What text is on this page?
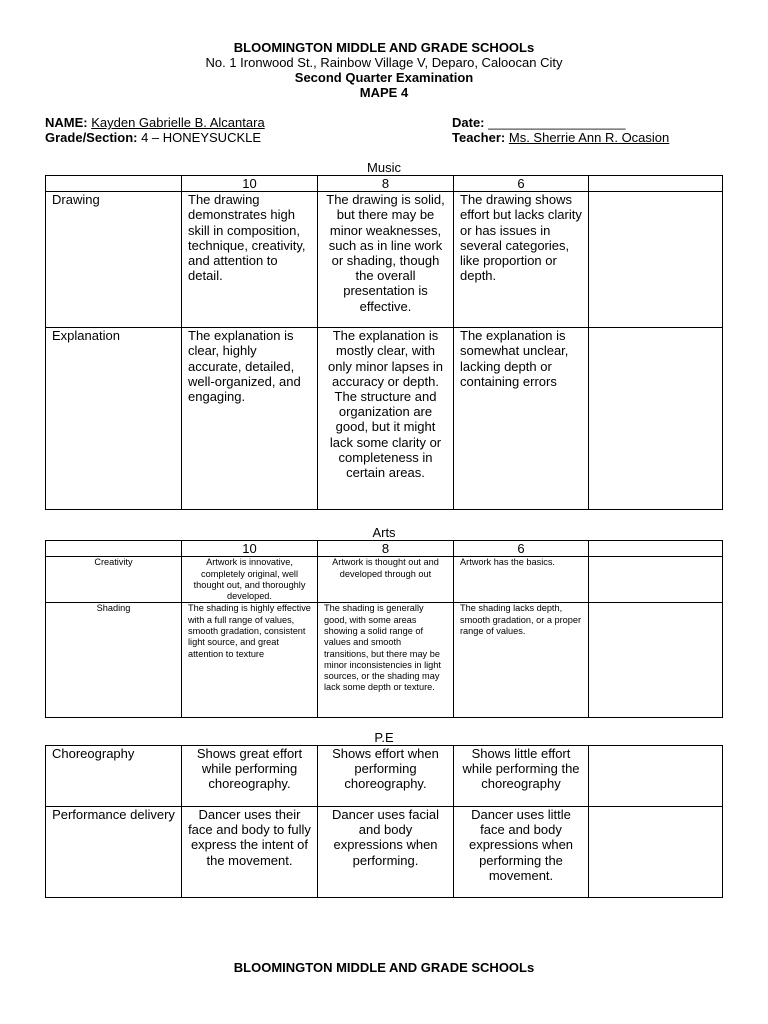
BLOOMINGTON MIDDLE AND GRADE SCHOOLs
No. 1 Ironwood St., Rainbow Village V, Deparo, Caloocan City
Second Quarter Examination
MAPE 4
NAME: Kayden Gabrielle B. Alcantara
Grade/Section: 4 – HONEYSUCKLE
Date: ___________________
Teacher: Ms. Sherrie Ann R. Ocasion
Music
	10	8	6	
Drawing	The drawing demonstrates high skill in composition, technique, creativity, and attention to detail.	The drawing is solid, but there may be minor weaknesses, such as in line work or shading, though the overall presentation is effective.	The drawing shows effort but lacks clarity or has issues in several categories, like proportion or depth.	
Explanation	The explanation is clear, highly accurate, detailed, well-organized, and engaging.	The explanation is mostly clear, with only minor lapses in accuracy or depth. The structure and organization are good, but it might lack some clarity or completeness in certain areas.	The explanation is somewhat unclear, lacking depth or containing errors	
Arts
	10	8	6	
Creativity	Artwork is innovative, completely original, well thought out, and thoroughly developed.	Artwork is thought out and developed through out	Artwork has the basics.	
Shading	The shading is highly effective with a full range of values, smooth gradation, consistent light source, and great attention to texture	The shading is generally good, with some areas showing a solid range of values and smooth transitions, but there may be minor inconsistencies in light sources, or the shading may lack some depth or texture.	The shading lacks depth, smooth gradation, or a proper range of values.	
P.E
Choreography	Shows great effort while performing choreography.	Shows effort when performing choreography.	Shows little effort while performing the choreography	
Performance delivery	Dancer uses their face and body to fully express the intent of the movement.	Dancer uses facial and body expressions when performing.	Dancer uses little face and body expressions when performing the movement.	
BLOOMINGTON MIDDLE AND GRADE SCHOOLs
